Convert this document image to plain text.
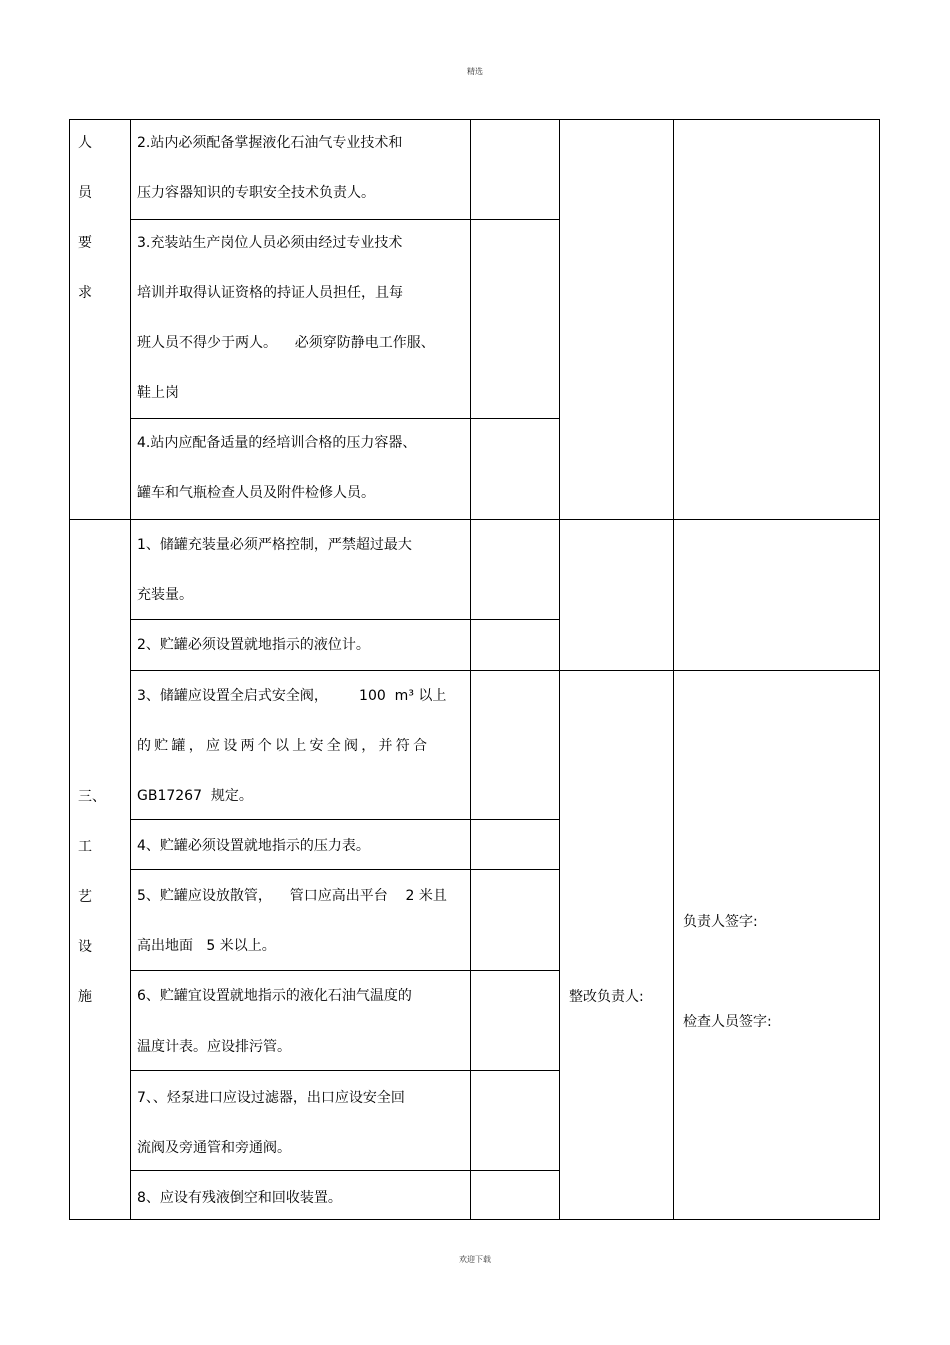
精选
人
员
要
求
2.站内必须配备掌握液化石油气专业技术和
压力容器知识的专职安全技术负责人。
3.充装站生产岗位人员必须由经过专业技术
培训并取得认证资格的持证人员担任，且每
班人员不得少于两人。    必须穿防静电工作服、
鞋上岗
4.站内应配备适量的经培训合格的压力容器、
罐车和气瓶检查人员及附件检修人员。
三、
工
艺
设
施
1、储罐充装量必须严格控制，严禁超过最大
充装量。
2、贮罐必须设置就地指示的液位计。
3、储罐应设置全启式安全阀，       100  m³ 以上
的 贮 罐 ， 应 设 两 个 以 上 安 全 阀 ， 并 符 合
GB17267  规定。
4、贮罐必须设置就地指示的压力表。
5、贮罐应设放散管，    管口应高出平台    2 米且
高出地面   5 米以上。
6、贮罐宜设置就地指示的液化石油气温度的
温度计表。应设排污管。
7、、烃泵进口应设过滤器，出口应设安全回
流阀及旁通管和旁通阀。
8、应设有残液倒空和回收装置。
整改负责人:
负责人签字:
检查人员签字:
欢迎下载
